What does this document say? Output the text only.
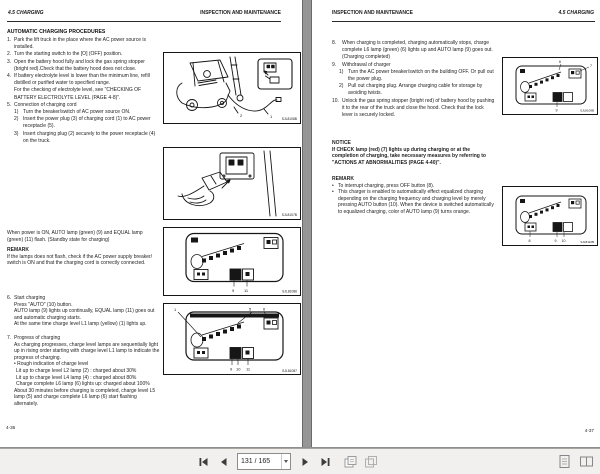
4.5 CHARGING	INSPECTION AND MAINTENANCE
AUTOMATIC CHARGING PROCEDURES
1. Park the lift truck in the place where the AC power source is installed.
2. Turn the starting switch to the [O] (OFF) position.
3. Open the battery hood fully and lock the gas spring stopper (bright red).Check that the battery hood does not close.
4. If battery electrolyte level is lower than the minimum line, refill distilled or purified water to specified range.
For the checking of electrolyte level, see "CHECKING OF BATTERY ELECTROLYTE LEVEL (PAGE 4-8)".
5. Connection of charging cord
1) Turn the breaker/switch of AC power source ON.
2) Insert the power plug (3) of charging cord (1) to AC power receptacle (5).
3) Insert charging plug (2) securely to the power receptacle (4) on the truck.
When power is ON, AUTO lamp (green) (9) and EQUAL lamp (green) (11) flash. (Standby state for charging)
REMARK
If the lamps does not flash, check if the AC power supply breaker/ switch is ON and that the charging cord is correctly connected.
6. Start charging
Press "AUTO" (10) button.
AUTO lamp (9) lights up continually, EQUAL lamp (11) goes out and automatic charging starts.
At the same time charge level L1 lamp (yellow) (1) lights up.
7. Progress of charging
As charging progresses, charge level lamps are sequentially light up in rising order starting with charge level L1 lamp to indicate the progress of charging.
• Rough indication of charge level
Lit up to charge level L2 lamp (2) : charged about 30%
Lit up to charge level L4 lamp (4) : charged about 80%
Charge complete L6 lamp (6) lights up: charged about 100%
About 30 minutes before charging is completed, charge level L5 lamp (5) and charge complete L6 lamp (6) start flashing alternately.
2	1	SJL8108B
SJL8107B
9 11	SJL81086
1	5	6
9 10 11	SJL81087
4-36
INSPECTION AND MAINTENANCE	4.5 CHARGING
8.	When charging is completed, charging automatically stops, charge complete L6 lamp (green) (6) lights up and AUTO lamp (9) goes out. (Charging completed)
9.	Withdrawal of charger
1) Turn the AC power breaker/switch on the building OFF. Or pull out the power plug.
2) Pull out charging plug. Arrange charging cable for storage by avoiding twists.
10. Unlock the gas spring stopper (bright red) of battery hood by pushing it to the rear of the truck and close the hood. Check that the lock lever is securely locked.
NOTICE
If CHECK lamp (red) (7) lights up during charging or at the completion of charging, take necessary measures by referring to "ACTIONS AT ABNORMALITIES (PAGE 4-40)".
REMARK
• To interrupt charging, press OFF button (8).
• This charger is enabled to automatically effect equalized charging depending on the charging frequency and charging level by merely pressing AUTO button (10). When the device is switched automatically to equalized charging, color of AUTO lamp (9) turns orange.
6
7
9	SJL8109B
8	9 10	SJL8110B
4-37
131 / 165
